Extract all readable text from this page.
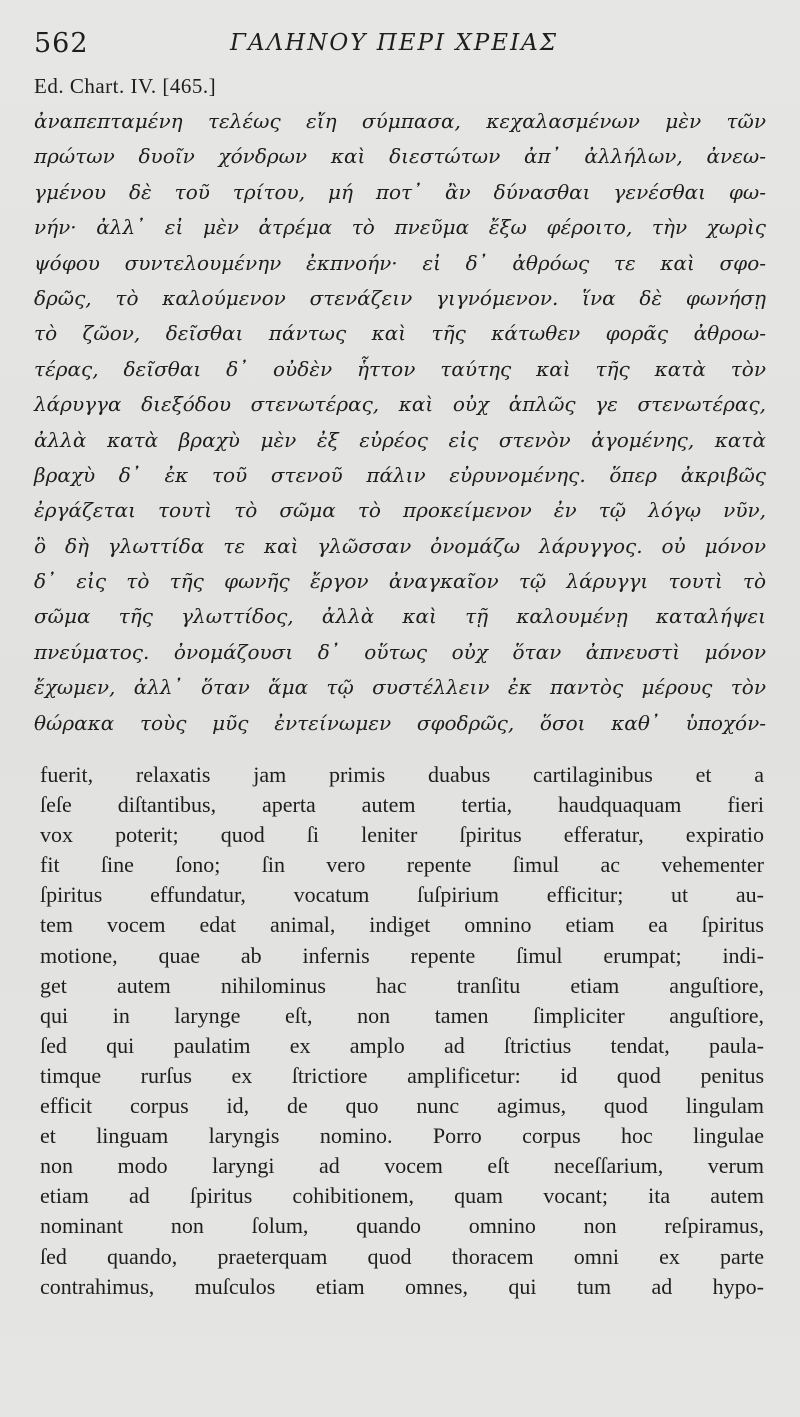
562	ΓΑΛΗΝΟΥ ΠΕΡΙ ΧΡΕΙΑΣ
Ed. Chart. IV. [465.]
ἀναπεπταμένη τελέως εἴη σύμπασα, κεχαλασμένων μὲν τῶν
πρώτων δυοῖν χόνδρων καὶ διεστώτων ἀπ᾽ ἀλλήλων, ἀνεω-
γμένου δὲ τοῦ τρίτου, μή ποτ᾽ ἂν δύνασθαι γενέσθαι φω-
νήν· ἀλλ᾽ εἰ μὲν ἀτρέμα τὸ πνεῦμα ἔξω φέροιτο, τὴν χωρὶς
ψόφου συντελουμένην ἐκπνοήν· εἰ δ᾽ ἀθρόως τε καὶ σφο-
δρῶς, τὸ καλούμενον στενάζειν γιγνόμενον. ἵνα δὲ φωνήσῃ
τὸ ζῶον, δεῖσθαι πάντως καὶ τῆς κάτωθεν φορᾶς ἀθροω-
τέρας, δεῖσθαι δ᾽ οὐδὲν ἧττον ταύτης καὶ τῆς κατὰ τὸν
λάρυγγα διεξόδου στενωτέρας, καὶ οὐχ ἁπλῶς γε στενωτέρας,
ἀλλὰ κατὰ βραχὺ μὲν ἐξ εὐρέος εἰς στενὸν ἀγομένης, κατὰ
βραχὺ δ᾽ ἐκ τοῦ στενοῦ πάλιν εὐρυνομένης. ὅπερ ἀκριβῶς
ἐργάζεται τουτὶ τὸ σῶμα τὸ προκείμενον ἐν τῷ λόγῳ νῦν,
ὃ δὴ γλωττίδα τε καὶ γλῶσσαν ὀνομάζω λάρυγγος. οὐ μόνον
δ᾽ εἰς τὸ τῆς φωνῆς ἔργον ἀναγκαῖον τῷ λάρυγγι τουτὶ τὸ
σῶμα τῆς γλωττίδος, ἀλλὰ καὶ τῇ καλουμένῃ καταλήψει
πνεύματος. ὀνομάζουσι δ᾽ οὕτως οὐχ ὅταν ἀπνευστὶ μόνον
ἔχωμεν, ἀλλ᾽ ὅταν ἅμα τῷ συστέλλειν ἐκ παντὸς μέρους τὸν
θώρακα τοὺς μῦς ἐντείνωμεν σφοδρῶς, ὅσοι καθ᾽ ὑποχόν-
fuerit, relaxatis jam primis duabus cartilaginibus et a
ſeſe diſtantibus, aperta autem tertia, haudquaquam fieri
vox poterit; quod ſi leniter ſpiritus efferatur, expiratio
fit ſine ſono; ſin vero repente ſimul ac vehementer
ſpiritus effundatur, vocatum ſuſpirium efficitur; ut au-
tem vocem edat animal, indiget omnino etiam ea ſpiritus
motione, quae ab infernis repente ſimul erumpat; indi-
get autem nihilominus hac tranſitu etiam anguſtiore,
qui in larynge eſt, non tamen ſimpliciter anguſtiore,
ſed qui paulatim ex amplo ad ſtrictius tendat, paula-
timque rurſus ex ſtrictiore amplificetur: id quod penitus
efficit corpus id, de quo nunc agimus, quod lingulam
et linguam laryngis nomino. Porro corpus hoc lingulae
non modo laryngi ad vocem eſt neceſſarium, verum
etiam ad ſpiritus cohibitionem, quam vocant; ita autem
nominant non ſolum, quando omnino non reſpiramus,
ſed quando, praeterquam quod thoracem omni ex parte
contrahimus, muſculos etiam omnes, qui tum ad hypo-
